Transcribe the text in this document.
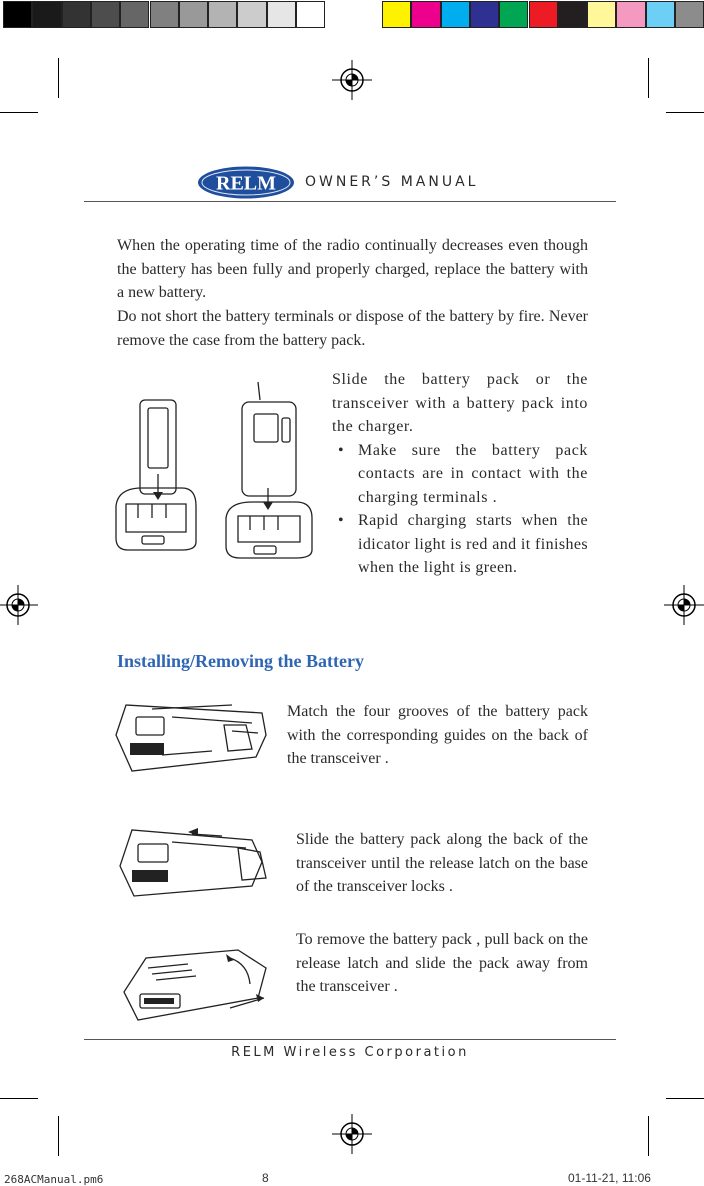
RELM OWNER’S MANUAL
When the operating time of the radio continually decreases even though the battery has been fully and properly charged, replace the battery with a new battery.
Do not short the battery terminals or dispose of the battery by fire. Never remove the case from the battery pack.
Slide the battery pack or the transceiver with a battery pack into the charger.
• Make sure the battery pack contacts are in contact with the charging terminals .
• Rapid charging starts when the idicator light is red and it finishes when the light is green.
Installing/Removing the Battery
Match the four grooves of the battery pack with the corresponding guides on the back of the transceiver .
Slide the battery pack along the back of the transceiver until the release latch on the base of the transceiver locks .
To remove the battery pack , pull back on the release latch and slide the pack away from the transceiver .
RELM Wireless Corporation
268ACManual.pm6	8	01-11-21, 11:06
